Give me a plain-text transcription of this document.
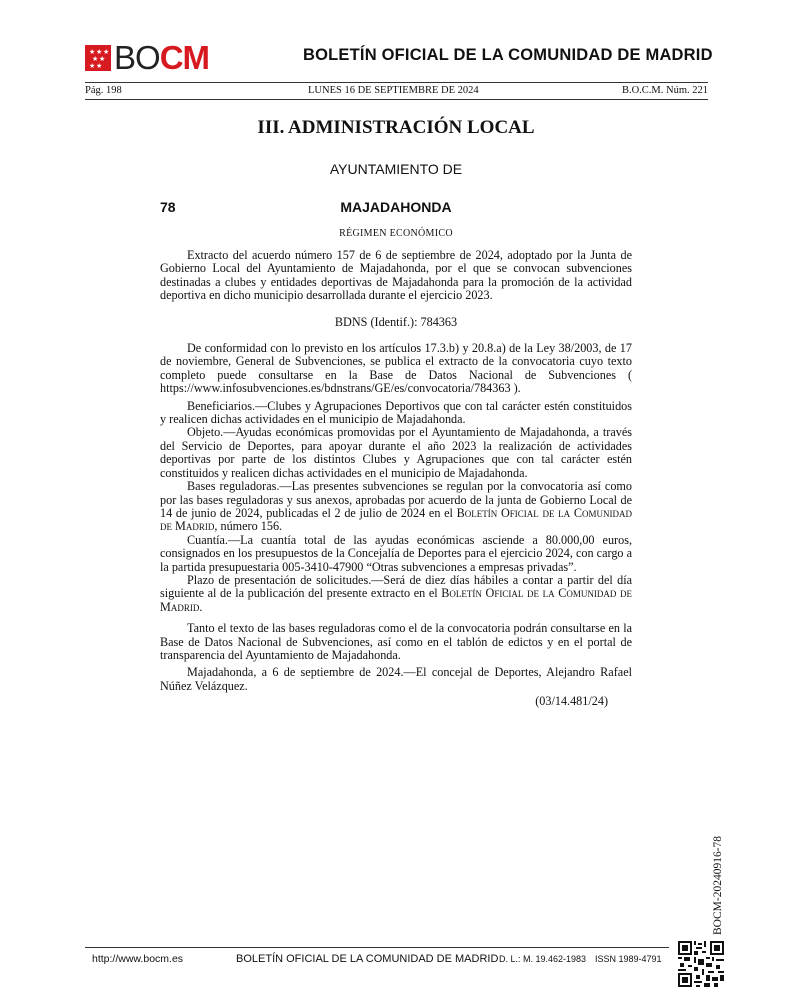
★ ★ ★
★ ★
★ ★ BOCM	BOLETÍN OFICIAL DE LA COMUNIDAD DE MADRID
Pág. 198	LUNES 16 DE SEPTIEMBRE DE 2024	B.O.C.M. Núm. 221
III. ADMINISTRACIÓN LOCAL
AYUNTAMIENTO DE
78	MAJADAHONDA
RÉGIMEN ECONÓMICO

Extracto del acuerdo número 157 de 6 de septiembre de 2024, adoptado por la Junta de Gobierno Local del Ayuntamiento de Majadahonda, por el que se convocan subvenciones destinadas a clubes y entidades deportivas de Majadahonda para la promoción de la actividad deportiva en dicho municipio desarrollada durante el ejercicio 2023.

BDNS (Identif.): 784363

De conformidad con lo previsto en los artículos 17.3.b) y 20.8.a) de la Ley 38/2003, de 17 de noviembre, General de Subvenciones, se publica el extracto de la convocatoria cuyo texto completo puede consultarse en la Base de Datos Nacional de Subvenciones ( https://www.infosubvenciones.es/bdnstrans/GE/es/convocatoria/784363 ).

Beneficiarios.—Clubes y Agrupaciones Deportivos que con tal carácter estén constituidos y realicen dichas actividades en el municipio de Majadahonda.

Objeto.—Ayudas económicas promovidas por el Ayuntamiento de Majadahonda, a través del Servicio de Deportes, para apoyar durante el año 2023 la realización de actividades deportivas por parte de los distintos Clubes y Agrupaciones que con tal carácter estén constituidos y realicen dichas actividades en el municipio de Majadahonda.

Bases reguladoras.—Las presentes subvenciones se regulan por la convocatoria así como por las bases reguladoras y sus anexos, aprobadas por acuerdo de la junta de Gobierno Local de 14 de junio de 2024, publicadas el 2 de julio de 2024 en el Boletín Oficial de la Comunidad de Madrid, número 156.

Cuantía.—La cuantía total de las ayudas económicas asciende a 80.000,00 euros, consignados en los presupuestos de la Concejalía de Deportes para el ejercicio 2024, con cargo a la partida presupuestaria 005-3410-47900 “Otras subvenciones a empresas privadas”.

Plazo de presentación de solicitudes.—Será de diez días hábiles a contar a partir del día siguiente al de la publicación del presente extracto en el Boletín Oficial de la Comunidad de Madrid.

Tanto el texto de las bases reguladoras como el de la convocatoria podrán consultarse en la Base de Datos Nacional de Subvenciones, así como en el tablón de edictos y en el portal de transparencia del Ayuntamiento de Majadahonda.

Majadahonda, a 6 de septiembre de 2024.—El concejal de Deportes, Alejandro Rafael Núñez Velázquez.

(03/14.481/24)

BOCM-20240916-78
http://www.bocm.es	BOLETÍN OFICIAL DE LA COMUNIDAD DE MADRID D. L.: M. 19.462-1983 ISSN 1989-4791
